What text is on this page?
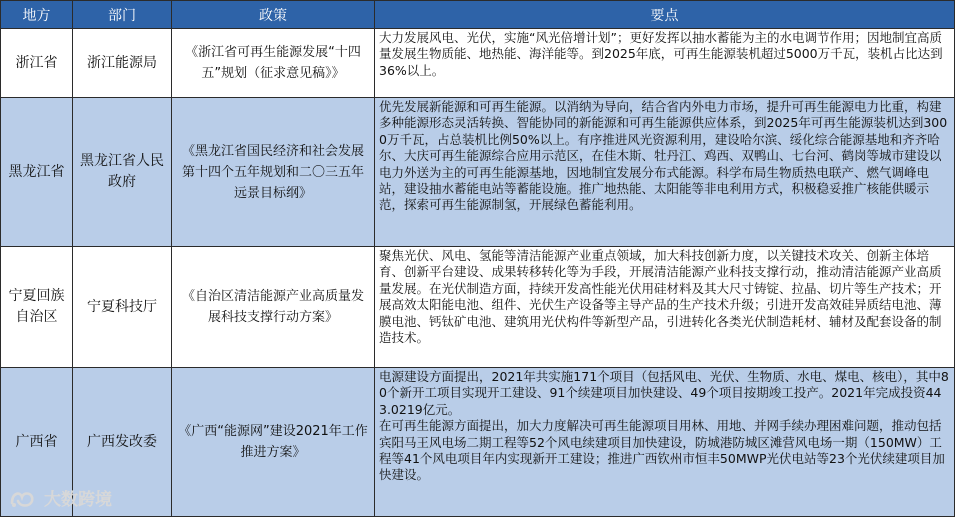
地方	部门	政策	要点
浙江省	浙江能源局	《浙江省可再生能源发展“十四五”规划（征求意见稿》》	大力发展风电、光伏，实施“风光倍增计划”；更好发挥以抽水蓄能为主的水电调节作用；因地制宜高质量发展生物质能、地热能、海洋能等。到2025年底，可再生能源装机超过5000万千瓦，装机占比达到36%以上。

黑龙江省	黑龙江省人民政府	《黑龙江省国民经济和社会发展第十四个五年规划和二〇三五年远景目标纲》	优先发展新能源和可再生能源。以消纳为导向，结合省内外电力市场，提升可再生能源电力比重，构建多种能源形态灵活转换、智能协同的新能源和可再生能源供应体系，到2025年可再生能源装机达到3000万千瓦，占总装机比例50%以上。有序推进风光资源利用，建设哈尔滨、绥化综合能源基地和齐齐哈尔、大庆可再生能源综合应用示范区，在佳木斯、牡丹江、鸡西、双鸭山、七台河、鹤岗等城市建设以电力外送为主的可再生能源基地，因地制宜发展分布式能源。科学布局生物质热电联产、燃气调峰电站，建设抽水蓄能电站等蓄能设施。推广地热能、太阳能等非电利用方式，积极稳妥推广核能供暖示范，探索可再生能源制氢，开展绿色蓄能利用。

宁夏回族自治区	宁夏科技厅	《自治区清洁能源产业高质量发展科技支撑行动方案》	聚焦光伏、风电、氢能等清洁能源产业重点领域，加大科技创新力度，以关键技术攻关、创新主体培育、创新平台建设、成果转移转化等为手段，开展清洁能源产业科技支撑行动，推动清洁能源产业高质量发展。在光伏制造方面，持续开发高性能光伏用硅材料及其大尺寸铸锭、拉晶、切片等生产技术；开展高效太阳能电池、组件、光伏生产设备等主导产品的生产技术升级；引进开发高效硅异质结电池、薄膜电池、钙钛矿电池、建筑用光伏构件等新型产品，引进转化各类光伏制造耗材、辅材及配套设备的制造技术。

广西省	广西发改委	《广西“能源网”建设2021年工作推进方案》	电源建设方面提出，2021年共实施171个项目（包括风电、光伏、生物质、水电、煤电、核电），其中80个新开工项目实现开工建设、91个续建项目加快建设、49个项目按期竣工投产。2021年完成投资443.0219亿元。
在可再生能源方面提出，加大力度解决可再生能源项目用林、用地、并网手续办理困难问题，推动包括宾阳马王风电场二期工程等52个风电续建项目加快建设，防城港防城区滩营风电场一期（150MW）工程等41个风电项目年内实现新开工建设；推进广西钦州市恒丰50MWP光伏电站等23个光伏续建项目加快建设。
大数跨境
